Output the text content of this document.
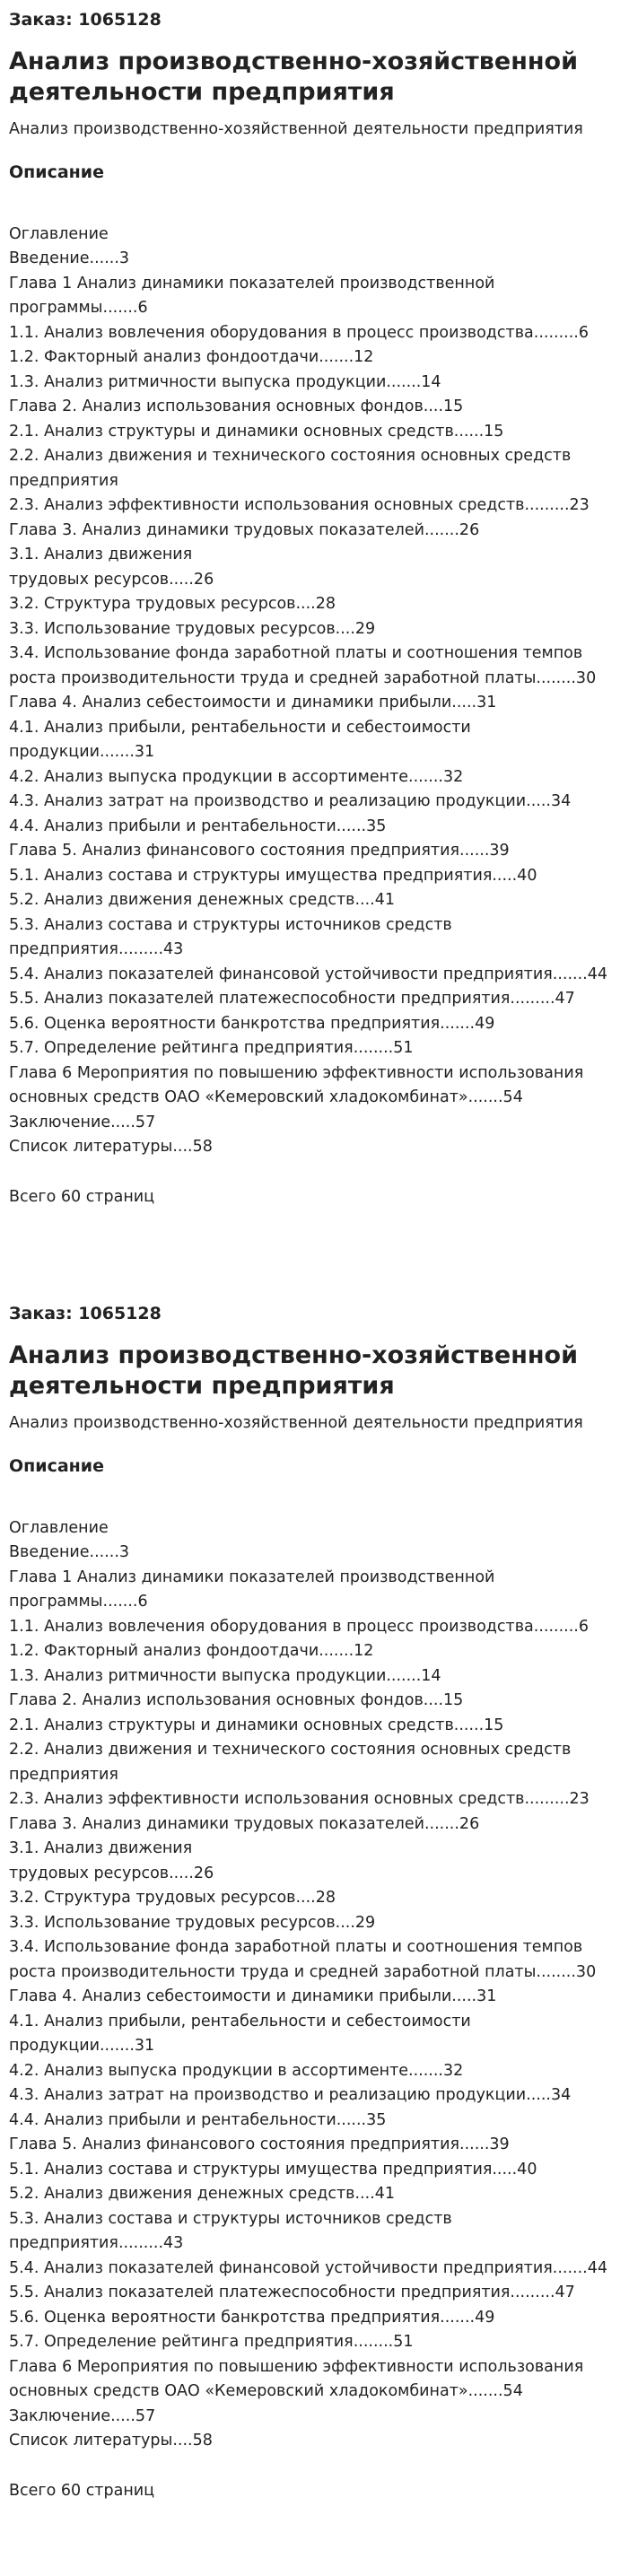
Заказ: 1065128
Анализ производственно-хозяйственной деятельности предприятия
Анализ производственно-хозяйственной деятельности предприятия
Описание
Оглавление
Введение......3
Глава 1 Анализ динамики показателей производственной программы.......6
1.1. Анализ вовлечения оборудования в процесс производства.........6
1.2. Факторный анализ фондоотдачи.......12
1.3. Анализ ритмичности выпуска продукции.......14
Глава 2. Анализ использования основных фондов....15
2.1. Анализ структуры и динамики основных средств......15
2.2. Анализ движения и технического состояния основных средств предприятия
2.3. Анализ эффективности использования основных средств.........23
Глава 3. Анализ динамики трудовых показателей.......26
3.1. Анализ движения
трудовых ресурсов.....26
3.2. Структура трудовых ресурсов....28
3.3. Использование трудовых ресурсов....29
3.4. Использование фонда заработной платы и соотношения темпов роста производительности труда и средней заработной платы........30
Глава 4. Анализ себестоимости и динамики прибыли.....31
4.1. Анализ прибыли, рентабельности и себестоимости продукции.......31
4.2. Анализ выпуска продукции в ассортименте.......32
4.3. Анализ затрат на производство и реализацию продукции.....34
4.4. Анализ прибыли и рентабельности......35
Глава 5. Анализ финансового состояния предприятия......39
5.1. Анализ состава и структуры имущества предприятия.....40
5.2. Анализ движения денежных средств....41
5.3. Анализ состава и структуры источников средств предприятия.........43
5.4. Анализ показателей финансовой устойчивости предприятия.......44
5.5. Анализ показателей платежеспособности предприятия.........47
5.6. Оценка вероятности банкротства предприятия.......49
5.7. Определение рейтинга предприятия........51
Глава 6 Мероприятия по повышению эффективности использования основных средств ОАО «Кемеровский хладокомбинат».......54
Заключение.....57
Список литературы....58
Всего 60 страниц
Заказ: 1065128
Анализ производственно-хозяйственной деятельности предприятия
Анализ производственно-хозяйственной деятельности предприятия
Описание
Оглавление
Введение......3
Глава 1 Анализ динамики показателей производственной программы.......6
1.1. Анализ вовлечения оборудования в процесс производства.........6
1.2. Факторный анализ фондоотдачи.......12
1.3. Анализ ритмичности выпуска продукции.......14
Глава 2. Анализ использования основных фондов....15
2.1. Анализ структуры и динамики основных средств......15
2.2. Анализ движения и технического состояния основных средств предприятия
2.3. Анализ эффективности использования основных средств.........23
Глава 3. Анализ динамики трудовых показателей.......26
3.1. Анализ движения
трудовых ресурсов.....26
3.2. Структура трудовых ресурсов....28
3.3. Использование трудовых ресурсов....29
3.4. Использование фонда заработной платы и соотношения темпов роста производительности труда и средней заработной платы........30
Глава 4. Анализ себестоимости и динамики прибыли.....31
4.1. Анализ прибыли, рентабельности и себестоимости продукции.......31
4.2. Анализ выпуска продукции в ассортименте.......32
4.3. Анализ затрат на производство и реализацию продукции.....34
4.4. Анализ прибыли и рентабельности......35
Глава 5. Анализ финансового состояния предприятия......39
5.1. Анализ состава и структуры имущества предприятия.....40
5.2. Анализ движения денежных средств....41
5.3. Анализ состава и структуры источников средств предприятия.........43
5.4. Анализ показателей финансовой устойчивости предприятия.......44
5.5. Анализ показателей платежеспособности предприятия.........47
5.6. Оценка вероятности банкротства предприятия.......49
5.7. Определение рейтинга предприятия........51
Глава 6 Мероприятия по повышению эффективности использования основных средств ОАО «Кемеровский хладокомбинат».......54
Заключение.....57
Список литературы....58
Всего 60 страниц
